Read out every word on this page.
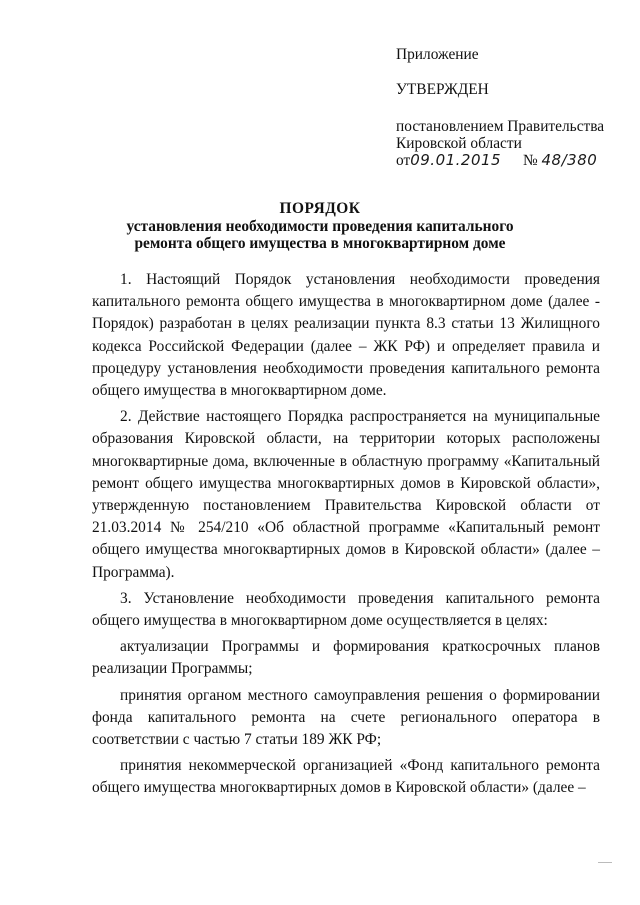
Приложение
УТВЕРЖДЕН
постановлением Правительства
Кировской области
от09.01.2015 № 48/380
ПОРЯДОК
установления необходимости проведения капитального
ремонта общего имущества в многоквартирном доме

1. Настоящий Порядок установления необходимости проведения капитального ремонта общего имущества в многоквартирном доме (далее - Порядок) разработан в целях реализации пункта 8.3 статьи 13 Жилищного кодекса Российской Федерации (далее – ЖК РФ) и определяет правила и процедуру установления необходимости проведения капитального ремонта общего имущества в многоквартирном доме.

2. Действие настоящего Порядка распространяется на муниципальные образования Кировской области, на территории которых расположены многоквартирные дома, включенные в областную программу «Капитальный ремонт общего имущества многоквартирных домов в Кировской области», утвержденную постановлением Правительства Кировской области от 21.03.2014 № 254/210 «Об областной программе «Капитальный ремонт общего имущества многоквартирных домов в Кировской области» (далее – Программа).

3. Установление необходимости проведения капитального ремонта общего имущества в многоквартирном доме осуществляется в целях:

актуализации Программы и формирования краткосрочных планов реализации Программы;

принятия органом местного самоуправления решения о формировании фонда капитального ремонта на счете регионального оператора в соответствии с частью 7 статьи 189 ЖК РФ;

принятия некоммерческой организацией «Фонд капитального ремонта общего имущества многоквартирных домов в Кировской области» (далее –
